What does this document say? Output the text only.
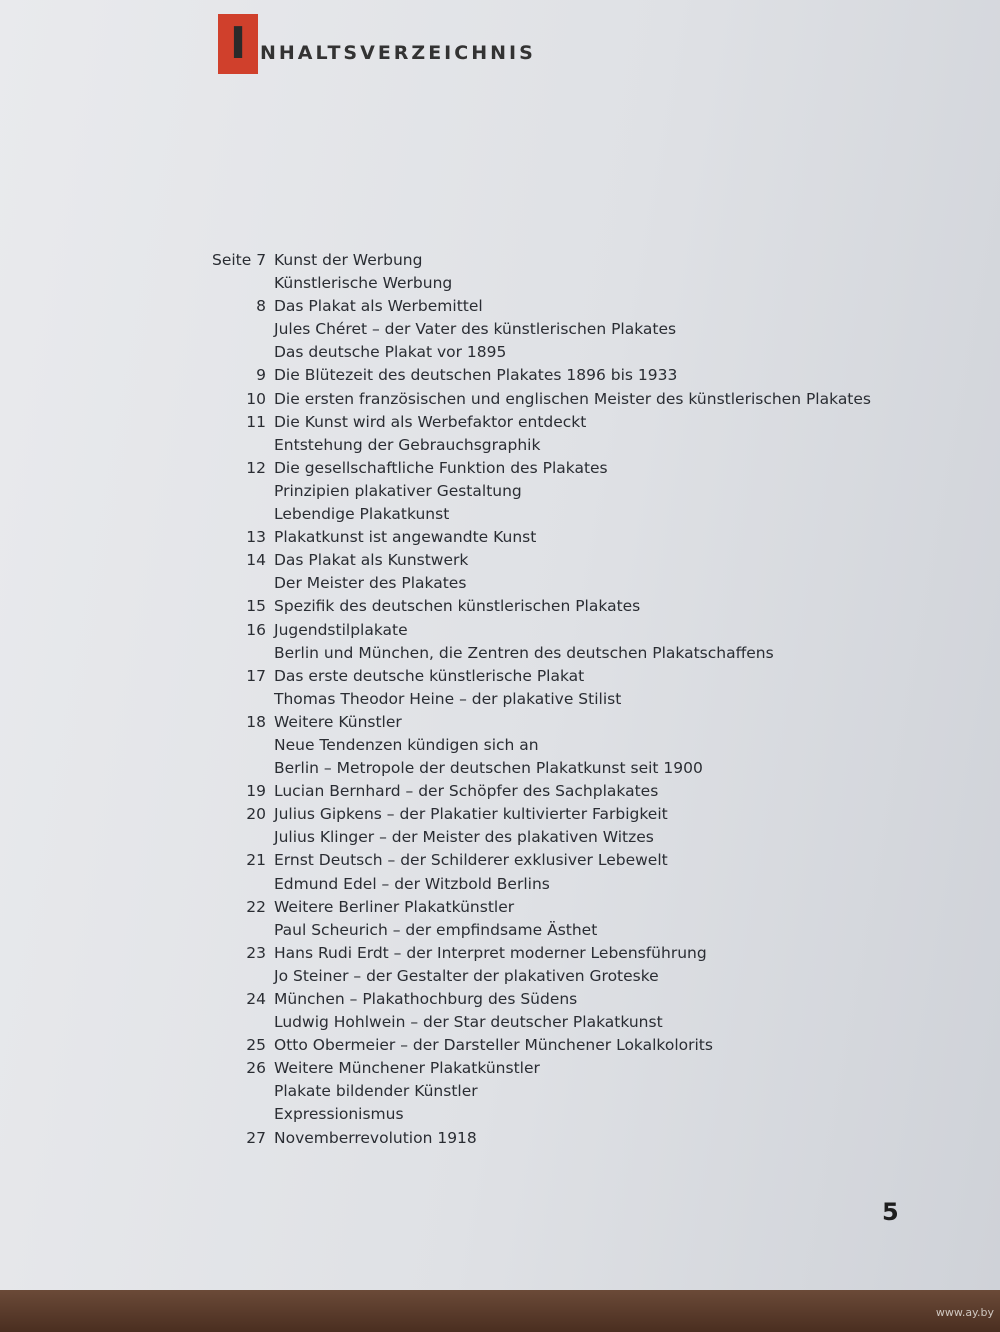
I NHALTSVERZEICHNIS
Seite 7 Kunst der Werbung
Künstlerische Werbung
8 Das Plakat als Werbemittel
Jules Chéret – der Vater des künstlerischen Plakates
Das deutsche Plakat vor 1895
9 Die Blütezeit des deutschen Plakates 1896 bis 1933
10 Die ersten französischen und englischen Meister des künstlerischen Plakates
11 Die Kunst wird als Werbefaktor entdeckt
Entstehung der Gebrauchsgraphik
12 Die gesellschaftliche Funktion des Plakates
Prinzipien plakativer Gestaltung
Lebendige Plakatkunst
13 Plakatkunst ist angewandte Kunst
14 Das Plakat als Kunstwerk
Der Meister des Plakates
15 Spezifik des deutschen künstlerischen Plakates
16 Jugendstilplakate
Berlin und München, die Zentren des deutschen Plakatschaffens
17 Das erste deutsche künstlerische Plakat
Thomas Theodor Heine – der plakative Stilist
18 Weitere Künstler
Neue Tendenzen kündigen sich an
Berlin – Metropole der deutschen Plakatkunst seit 1900
19 Lucian Bernhard – der Schöpfer des Sachplakates
20 Julius Gipkens – der Plakatier kultivierter Farbigkeit
Julius Klinger – der Meister des plakativen Witzes
21 Ernst Deutsch – der Schilderer exklusiver Lebewelt
Edmund Edel – der Witzbold Berlins
22 Weitere Berliner Plakatkünstler
Paul Scheurich – der empfindsame Ästhet
23 Hans Rudi Erdt – der Interpret moderner Lebensführung
Jo Steiner – der Gestalter der plakativen Groteske
24 München – Plakathochburg des Südens
Ludwig Hohlwein – der Star deutscher Plakatkunst
25 Otto Obermeier – der Darsteller Münchener Lokalkolorits
26 Weitere Münchener Plakatkünstler
Plakate bildender Künstler
Expressionismus
27 Novemberrevolution 1918
5
www.ay.by
